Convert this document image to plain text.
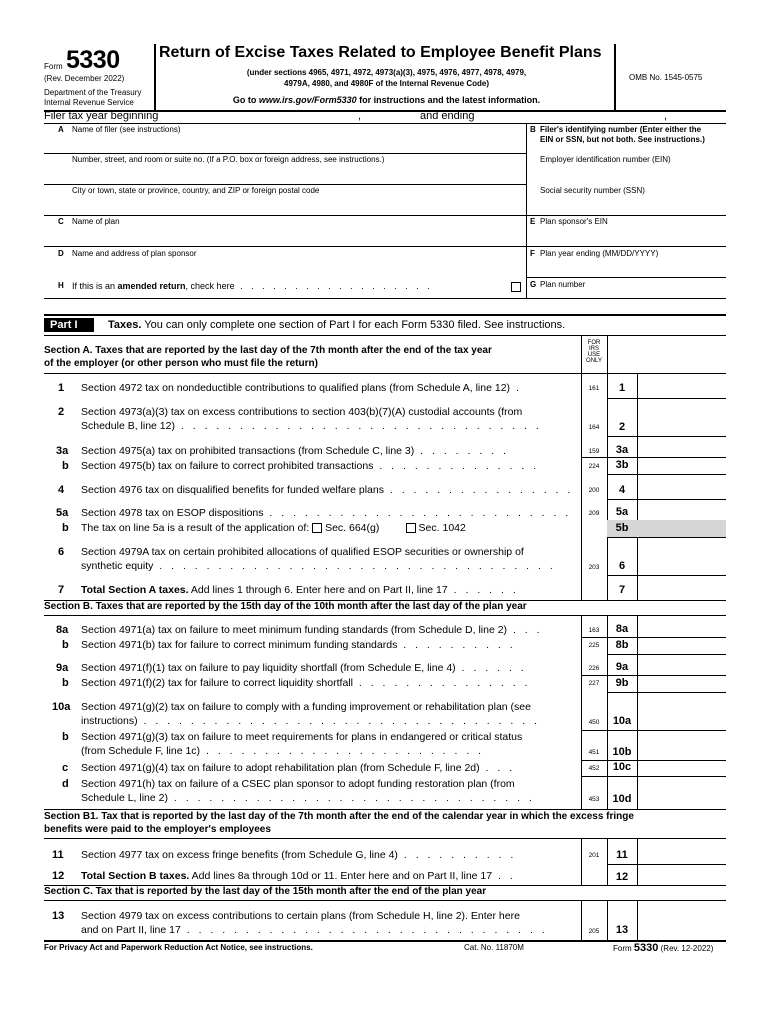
Form 5330
(Rev. December 2022)
Department of the Treasury
Internal Revenue Service
Return of Excise Taxes Related to Employee Benefit Plans
(under sections 4965, 4971, 4972, 4973(a)(3), 4975, 4976, 4977, 4978, 4979,
4979A, 4980, and 4980F of the Internal Revenue Code)
Go to www.irs.gov/Form5330 for instructions and the latest information.
OMB No. 1545-0575
Filer tax year beginning	,	and ending	,
A Name of filer (see instructions)
Number, street, and room or suite no. (If a P.O. box or foreign address, see instructions.)
City or town, state or province, country, and ZIP or foreign postal code
C Name of plan
D Name and address of plan sponsor
H If this is an amended return, check here . . . . . . . . . . . . . . . . . .
B Filer's identifying number (Enter either the
EIN or SSN, but not both. See instructions.)
Employer identification number (EIN)
Social security number (SSN)
E Plan sponsor's EIN
F Plan year ending (MM/DD/YYYY)
G Plan number
Part I	Taxes. You can only complete one section of Part I for each Form 5330 filed. See instructions.
Section A. Taxes that are reported by the last day of the 7th month after the end of the tax year
of the employer (or other person who must file the return)
FOR
IRS
USE
ONLY
1 Section 4972 tax on nondeductible contributions to qualified plans (from Schedule A, line 12) .	161	1
2 Section 4973(a)(3) tax on excess contributions to section 403(b)(7)(A) custodial accounts (from
Schedule B, line 12) . . . . . . . . . . . . . . . . . . . . . . . . . . . . . . .	164	2
3a Section 4975(a) tax on prohibited transactions (from Schedule C, line 3) . . . . . . . .	159	3a
b Section 4975(b) tax on failure to correct prohibited transactions . . . . . . . . . . . . . .	224	3b
4 Section 4976 tax on disqualified benefits for funded welfare plans . . . . . . . . . . . . . . . .	200	4
5a Section 4978 tax on ESOP dispositions . . . . . . . . . . . . . . . . . . . . . . . . . .	209	5a
b The tax on line 5a is a result of the application of: Sec. 664(g)	Sec. 1042	5b
6 Section 4979A tax on certain prohibited allocations of qualified ESOP securities or ownership of
synthetic equity . . . . . . . . . . . . . . . . . . . . . . . . . . . . . . . . . .	203	6
7 Total Section A taxes. Add lines 1 through 6. Enter here and on Part II, line 17 . . . . . .	7
Section B. Taxes that are reported by the 15th day of the 10th month after the last day of the plan year
8a Section 4971(a) tax on failure to meet minimum funding standards (from Schedule D, line 2) . . .	163	8a
b Section 4971(b) tax for failure to correct minimum funding standards . . . . . . . . . .	225	8b
9a Section 4971(f)(1) tax on failure to pay liquidity shortfall (from Schedule E, line 4) . . . . . .	226	9a
b Section 4971(f)(2) tax for failure to correct liquidity shortfall . . . . . . . . . . . . . . .	227	9b
10a Section 4971(g)(2) tax on failure to comply with a funding improvement or rehabilitation plan (see
instructions) . . . . . . . . . . . . . . . . . . . . . . . . . . . . . . . . . .	450	10a
b Section 4971(g)(3) tax on failure to meet requirements for plans in endangered or critical status
(from Schedule F, line 1c) . . . . . . . . . . . . . . . . . . . . . . . .	451	10b
c Section 4971(g)(4) tax on failure to adopt rehabilitation plan (from Schedule F, line 2d) . . .	452	10c
d Section 4971(h) tax on failure of a CSEC plan sponsor to adopt funding restoration plan (from
Schedule L, line 2) . . . . . . . . . . . . . . . . . . . . . . . . . . . . . . .	453	10d
Section B1. Tax that is reported by the last day of the 7th month after the end of the calendar year in which the excess fringe
benefits were paid to the employer's employees
11 Section 4977 tax on excess fringe benefits (from Schedule G, line 4) . . . . . . . . . .	201	11
12 Total Section B taxes. Add lines 8a through 10d or 11. Enter here and on Part II, line 17 . .	12
Section C. Tax that is reported by the last day of the 15th month after the end of the plan year
13 Section 4979 tax on excess contributions to certain plans (from Schedule H, line 2). Enter here
and on Part II, line 17 . . . . . . . . . . . . . . . . . . . . . . . . . . . . . . .	205	13
For Privacy Act and Paperwork Reduction Act Notice, see instructions.	Cat. No. 11870M	Form 5330 (Rev. 12-2022)
